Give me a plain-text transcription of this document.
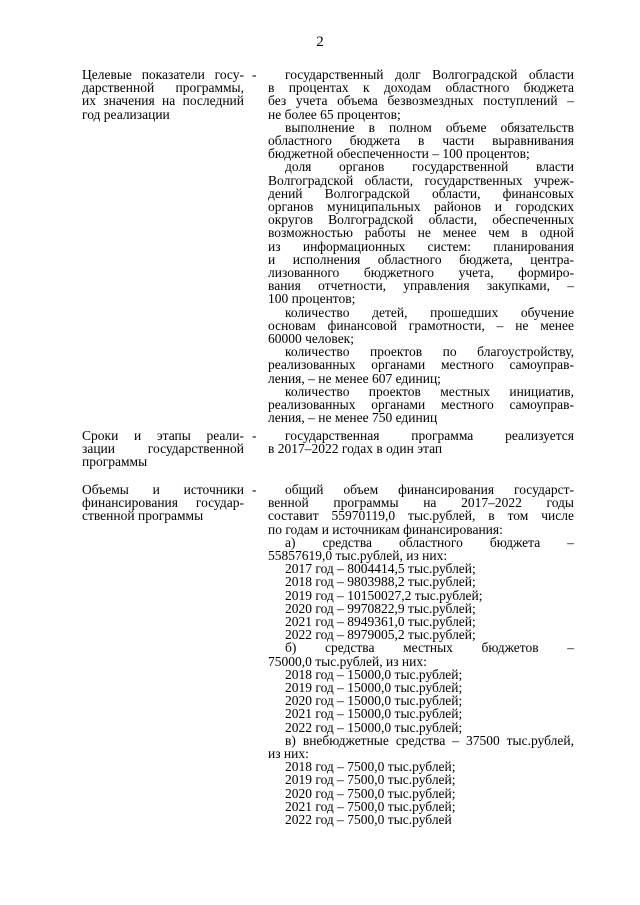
2
Целевые показатели госу-
дарственной программы,
их значения на последний
год реализации
-	государственный долг Волгоградской области
в процентах к доходам областного бюджета
без учета объема безвозмездных поступлений –
не более 65 процентов;
выполнение в полном объеме обязательств
областного бюджета в части выравнивания
бюджетной обеспеченности – 100 процентов;
доля органов государственной власти
Волгоградской области, государственных учреж-
дений Волгоградской области, финансовых
органов муниципальных районов и городских
округов Волгоградской области, обеспеченных
возможностью работы не менее чем в одной
из информационных систем: планирования
и исполнения областного бюджета, центра-
лизованного бюджетного учета, формиро-
вания отчетности, управления закупками, –
100 процентов;
количество детей, прошедших обучение
основам финансовой грамотности, – не менее
60000 человек;
количество проектов по благоустройству,
реализованных органами местного самоуправ-
ления, – не менее 607 единиц;
количество проектов местных инициатив,
реализованных органами местного самоуправ-
ления, – не менее 750 единиц
Сроки и этапы реали-
зации государственной
программы
-	государственная программа реализуется
в 2017–2022 годах в один этап
Объемы и источники
финансирования государ-
ственной программы
-	общий объем финансирования государст-
венной программы на 2017–2022 годы
составит 55970119,0 тыс.рублей, в том числе
по годам и источникам финансирования:
а) средства областного бюджета –
55857619,0 тыс.рублей, из них:
2017 год – 8004414,5 тыс.рублей;
2018 год – 9803988,2 тыс.рублей;
2019 год – 10150027,2 тыс.рублей;
2020 год – 9970822,9 тыс.рублей;
2021 год – 8949361,0 тыс.рублей;
2022 год – 8979005,2 тыс.рублей;
б) средства местных бюджетов –
75000,0 тыс.рублей, из них:
2018 год – 15000,0 тыс.рублей;
2019 год – 15000,0 тыс.рублей;
2020 год – 15000,0 тыс.рублей;
2021 год – 15000,0 тыс.рублей;
2022 год – 15000,0 тыс.рублей;
в) внебюджетные средства – 37500 тыс.рублей,
из них:
2018 год – 7500,0 тыс.рублей;
2019 год – 7500,0 тыс.рублей;
2020 год – 7500,0 тыс.рублей;
2021 год – 7500,0 тыс.рублей;
2022 год – 7500,0 тыс.рублей
